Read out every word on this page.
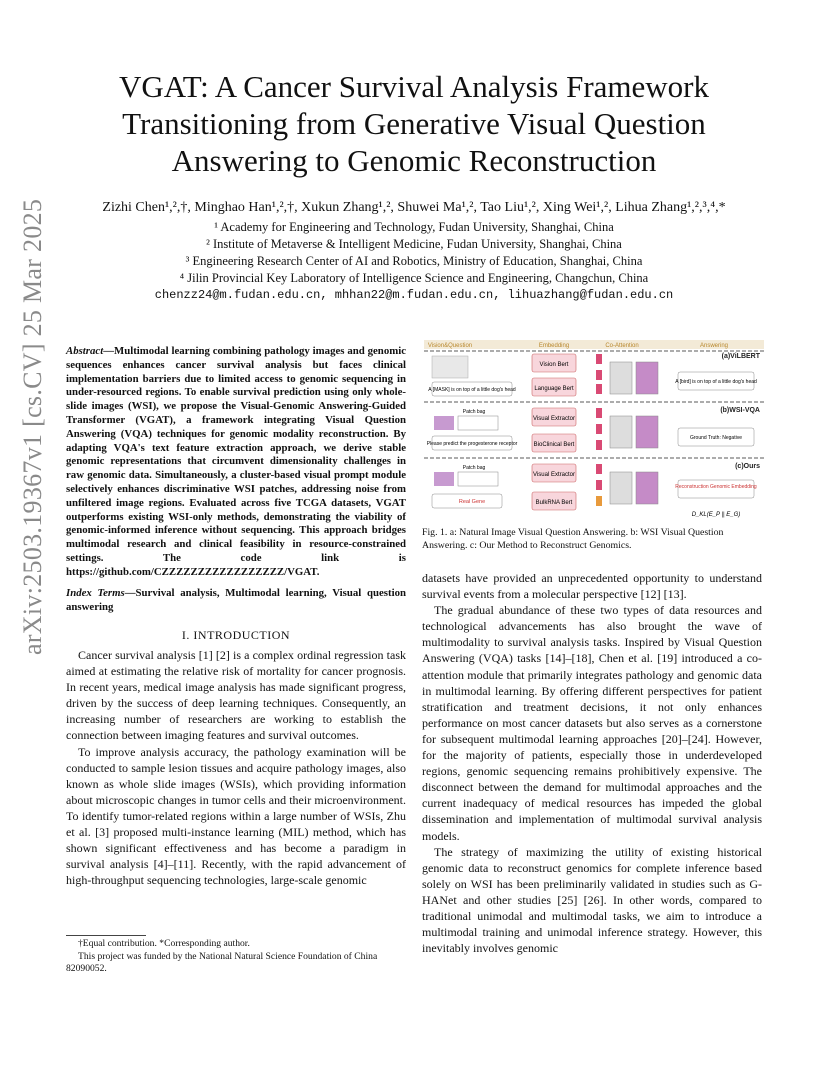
arXiv:2503.19367v1 [cs.CV] 25 Mar 2025
VGAT: A Cancer Survival Analysis Framework Transitioning from Generative Visual Question Answering to Genomic Reconstruction
Zizhi Chen¹,²,†, Minghao Han¹,²,†, Xukun Zhang¹,², Shuwei Ma¹,², Tao Liu¹,², Xing Wei¹,², Lihua Zhang¹,²,³,⁴,*
¹ Academy for Engineering and Technology, Fudan University, Shanghai, China
² Institute of Metaverse & Intelligent Medicine, Fudan University, Shanghai, China
³ Engineering Research Center of AI and Robotics, Ministry of Education, Shanghai, China
⁴ Jilin Provincial Key Laboratory of Intelligence Science and Engineering, Changchun, China
chenzz24@m.fudan.edu.cn, mhhan22@m.fudan.edu.cn, lihuazhang@fudan.edu.cn
Abstract—Multimodal learning combining pathology images and genomic sequences enhances cancer survival analysis but faces clinical implementation barriers due to limited access to genomic sequencing in under-resourced regions. To enable survival prediction using only whole-slide images (WSI), we propose the Visual-Genomic Answering-Guided Transformer (VGAT), a framework integrating Visual Question Answering (VQA) techniques for genomic modality reconstruction. By adapting VQA's text feature extraction approach, we derive stable genomic representations that circumvent dimensionality challenges in raw genomic data. Simultaneously, a cluster-based visual prompt module selectively enhances discriminative WSI patches, addressing noise from unfiltered image regions. Evaluated across five TCGA datasets, VGAT outperforms existing WSI-only methods, demonstrating the viability of genomic-informed inference without sequencing. This approach bridges multimodal research and clinical feasibility in resource-constrained settings. The code link is https://github.com/CZZZZZZZZZZZZZZZZZ/VGAT.
Index Terms—Survival analysis, Multimodal learning, Visual question answering
I. INTRODUCTION

Cancer survival analysis [1] [2] is a complex ordinal regression task aimed at estimating the relative risk of mortality for cancer prognosis. In recent years, medical image analysis has made significant progress, driven by the success of deep learning techniques. Consequently, an increasing number of researchers are working to establish the connection between imaging features and survival outcomes.

To improve analysis accuracy, the pathology examination will be conducted to sample lesion tissues and acquire pathology images, also known as whole slide images (WSIs), which providing information about microscopic changes in tumor cells and their microenvironment. To identify tumor-related regions within a large number of WSIs, Zhu et al. [3] proposed multi-instance learning (MIL) method, which has shown significant effectiveness and has become a paradigm in survival analysis [4]–[11]. Recently, with the rapid advancement of high-throughput sequencing technologies, large-scale genomic

†Equal contribution. *Corresponding author.
This project was funded by the National Natural Science Foundation of China 82090052.
Vision&Question	Embedding	Co-Attention	Answering
(a)ViLBERT
(b)WSI-VQA
(c)Ours
A [MASK] is on top of a little dog's head
Vision Bert
Language Bert
A [bird] is on top of a little dog's head
Patch bag
Please predict the progesterone receptor
Visual Extractor
BioClinical Bert
Ground Truth: Negative
Patch bag
Real Gene
Visual Extractor
BulkRNA Bert
Reconstruction Genomic Embedding
D_KL(E_P || E_G)
Fig. 1. a: Natural Image Visual Question Answering. b: WSI Visual Question Answering. c: Our Method to Reconstruct Genomics.

datasets have provided an unprecedented opportunity to understand survival events from a molecular perspective [12] [13].

The gradual abundance of these two types of data resources and technological advancements has also brought the wave of multimodality to survival analysis tasks. Inspired by Visual Question Answering (VQA) tasks [14]–[18], Chen et al. [19] introduced a co-attention module that primarily integrates pathology and genomic data in multimodal learning. By offering different perspectives for patient stratification and treatment decisions, it not only enhances performance on most cancer datasets but also serves as a cornerstone for subsequent multimodal learning approaches [20]–[24]. However, for the majority of patients, especially those in underdeveloped regions, genomic sequencing remains prohibitively expensive. The disconnect between the demand for multimodal approaches and the current inadequacy of medical resources has impeded the global dissemination and implementation of multimodal survival analysis models.

The strategy of maximizing the utility of existing historical genomic data to reconstruct genomics for complete inference based solely on WSI has been preliminarily validated in studies such as G-HANet and other studies [25] [26]. In other words, compared to traditional unimodal and multimodal tasks, we aim to introduce a multimodal training and unimodal inference strategy. However, this inevitably involves genomic
